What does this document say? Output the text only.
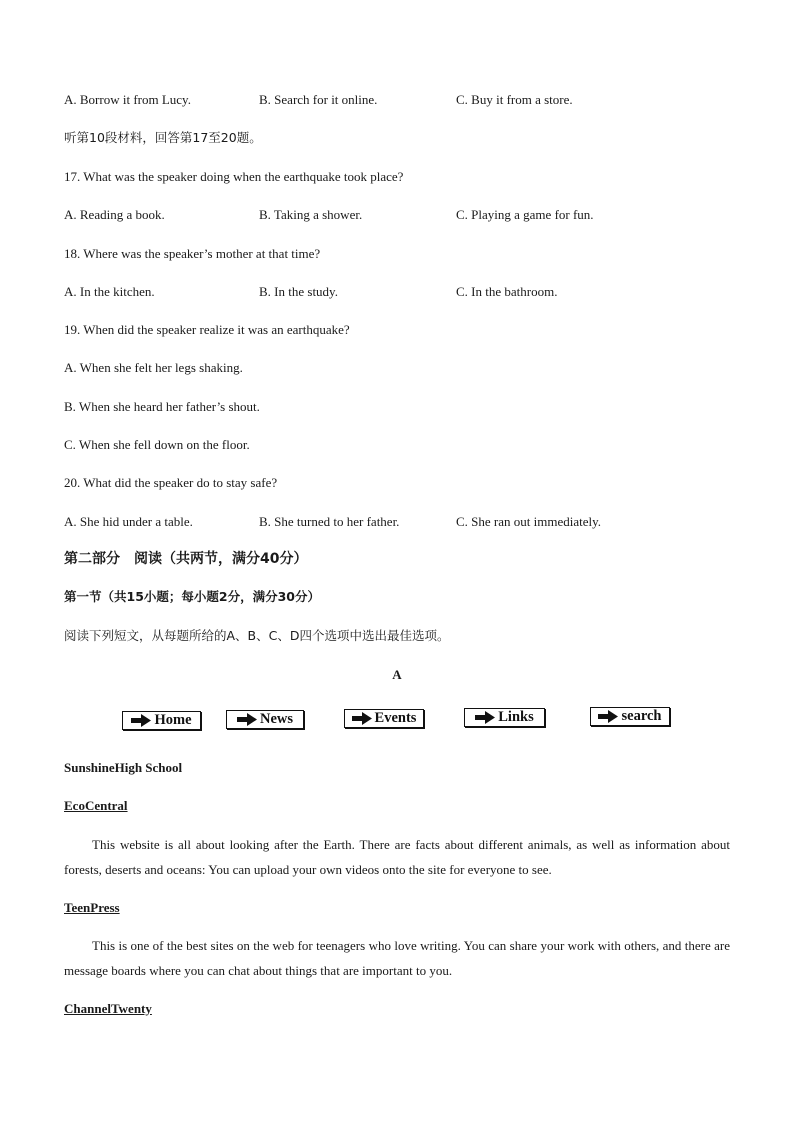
A. Borrow it from Lucy.	B. Search for it online.	C. Buy it from a store.
听第10段材料，回答第17至20题。
17. What was the speaker doing when the earthquake took place?
A. Reading a book.	B. Taking a shower.	C. Playing a game for fun.
18. Where was the speaker’s mother at that time?
A. In the kitchen.	B. In the study.	C. In the bathroom.
19. When did the speaker realize it was an earthquake?
A. When she felt her legs shaking.
B. When she heard her father’s shout.
C. When she fell down on the floor.
20. What did the speaker do to stay safe?
A. She hid under a table.	B. She turned to her father.	C. She ran out immediately.
第二部分　阅读（共两节，满分40分）
第一节（共15小题；每小题2分，满分30分）
阅读下列短文，从每题所给的A、B、C、D四个选项中选出最佳选项。
A
Home	News	Events	Links	search
SunshineHigh School
EcoCentral
This website is all about looking after the Earth. There are facts about different animals, as well as information about forests, deserts and oceans: You can upload your own videos onto the site for everyone to see.
TeenPress
This is one of the best sites on the web for teenagers who love writing. You can share your work with others, and there are message boards where you can chat about things that are important to you.
ChannelTwenty
